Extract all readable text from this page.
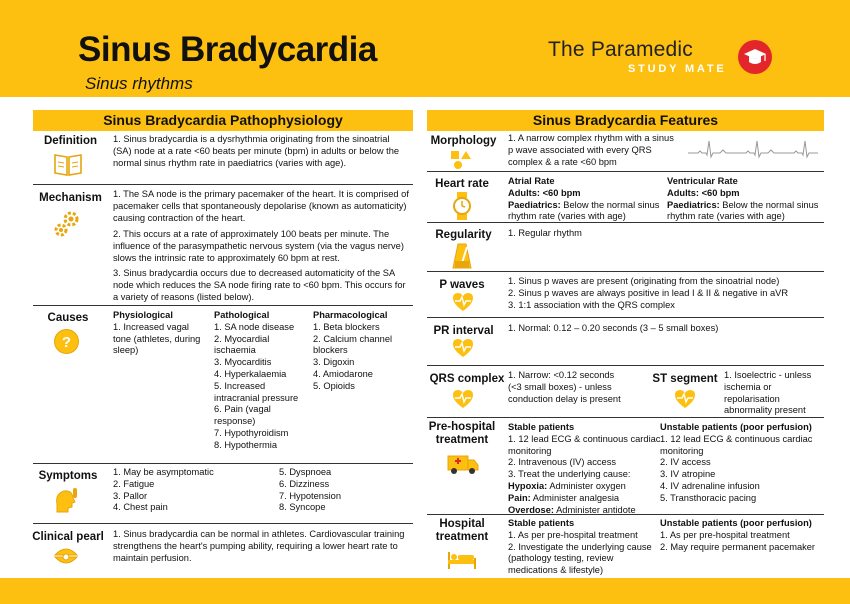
Sinus Bradycardia
Sinus rhythms
The Paramedic
STUDY MATE
Sinus Bradycardia Pathophysiology
Definition	1. Sinus bradycardia is a dysrhythmia originating from the sinoatrial (SA) node at a rate <60 beats per minute (bpm) in adults or below the normal sinus rhythm rate in paediatrics (varies with age).
Mechanism	1. The SA node is the primary pacemaker of the heart. It is comprised of pacemaker cells that spontaneously depolarise (known as automaticity) causing contraction of the heart.
2. This occurs at a rate of approximately 100 beats per minute. The influence of the parasympathetic nervous system (via the vagus nerve) slows the intrinsic rate to approximately 60 bpm at rest.
3. Sinus bradycardia occurs due to decreased automaticity of the SA node which reduces the SA node firing rate to <60 bpm. This occurs for a variety of reasons (listed below).
Causes
?
Physiological
1. Increased vagal tone (athletes, during sleep)
Pathological
1. SA node disease
2. Myocardial ischaemia
3. Myocarditis
4. Hyperkalaemia
5. Increased intracranial pressure
6. Pain (vagal response)
7. Hypothyroidism
8. Hypothermia
Pharmacological
1. Beta blockers
2. Calcium channel blockers
3. Digoxin
4. Amiodarone
5. Opioids
Symptoms	1. May be asymptomatic
2. Fatigue
3. Pallor
4. Chest pain
5. Dyspnoea
6. Dizziness
7. Hypotension
8. Syncope
Clinical pearl 1. Sinus bradycardia can be normal in athletes. Cardiovascular training strengthens the heart's pumping ability, requiring a lower heart rate to maintain perfusion.
Sinus Bradycardia Features
Morphology	1. A narrow complex rhythm with a sinus p wave associated with every QRS complex & a rate <60 bpm
Heart rate	Atrial Rate
Adults: <60 bpm
Paediatrics: Below the normal sinus rhythm rate (varies with age)
Ventricular Rate
Adults: <60 bpm
Paediatrics: Below the normal sinus rhythm rate (varies with age)
Regularity	1. Regular rhythm
P waves	1. Sinus p waves are present (originating from the sinoatrial node)
2. Sinus p waves are always positive in lead I & II & negative in aVR
3. 1:1 association with the QRS complex
PR interval	1. Normal: 0.12 – 0.20 seconds (3 – 5 small boxes)
QRS complex 1. Narrow: <0.12 seconds (<3 small boxes) - unless conduction delay is present
ST segment 1. Isoelectric - unless ischemia or repolarisation abnormality present
Pre-hospital treatment
Stable patients
1. 12 lead ECG & continuous cardiac monitoring
2. Intravenous (IV) access
3. Treat the underlying cause:
Hypoxia: Administer oxygen
Pain: Administer analgesia
Overdose: Administer antidote
Unstable patients (poor perfusion)
1. 12 lead ECG & continuous cardiac monitoring
2. IV access
3. IV atropine
4. IV adrenaline infusion
5. Transthoracic pacing
Hospital treatment
Stable patients
1. As per pre-hospital treatment
2. Investigate the underlying cause (pathology testing, review medications & lifestyle)
Unstable patients (poor perfusion)
1. As per pre-hospital treatment
2. May require permanent pacemaker
